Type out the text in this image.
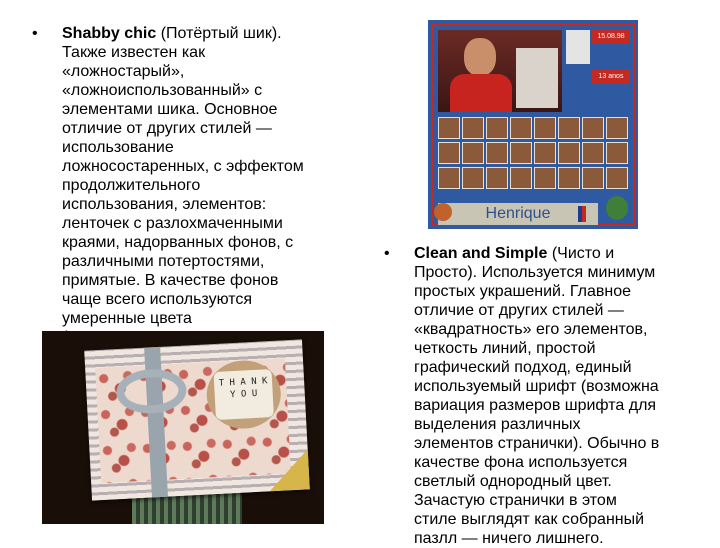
• Shabby chic (Потёртый шик).
Также известен как
«ложностарый»,
«ложноиспользованный» с
элементами шика. Основное
отличие от других стилей —
использование
ложносостаренных, с эффектом
продолжительного
использования, элементов:
ленточек с разлохмаченными
краями, надорванных фонов, с
различными потертостями,
примятые. В качестве фонов
чаще всего используются
умеренные цвета
T H A N K
Y O U
15.08.98
13 anos
Henrique
• Clean and Simple (Чисто и
Просто). Используется минимум
простых украшений. Главное
отличие от других стилей —
«квадратность» его элементов,
четкость линий, простой
графический подход, единый
используемый шрифт (возможна
вариация размеров шрифта для
выделения различных
элементов странички). Обычно в
качестве фона используется
светлый однородный цвет.
Зачастую странички в этом
стиле выглядят как собранный
пазлл — ничего лишнего.
